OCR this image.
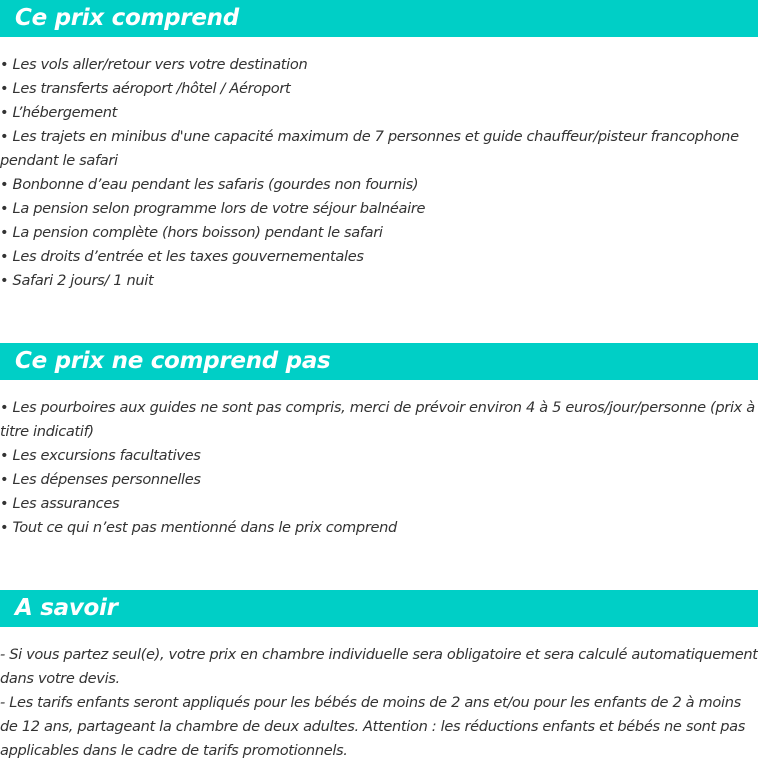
Ce prix comprend
• Les vols aller/retour vers votre destination
• Les transferts aéroport /hôtel / Aéroport
• L’hébergement
• Les trajets en minibus d'une capacité maximum de 7 personnes et guide chauffeur/pisteur francophone pendant le safari
• Bonbonne d’eau pendant les safaris (gourdes non fournis)
• La pension selon programme lors de votre séjour balnéaire
• La pension complète (hors boisson) pendant le safari
• Les droits d’entrée et les taxes gouvernementales
• Safari 2 jours/ 1 nuit
Ce prix ne comprend pas
• Les pourboires aux guides ne sont pas compris, merci de prévoir environ 4 à 5 euros/jour/personne (prix à titre indicatif)
• Les excursions facultatives
• Les dépenses personnelles
• Les assurances
• Tout ce qui n’est pas mentionné dans le prix comprend
A savoir
- Si vous partez seul(e), votre prix en chambre individuelle sera obligatoire et sera calculé automatiquement dans votre devis.
- Les tarifs enfants seront appliqués pour les bébés de moins de 2 ans et/ou pour les enfants de 2 à moins de 12 ans, partageant la chambre de deux adultes. Attention : les réductions enfants et bébés ne sont pas applicables dans le cadre de tarifs promotionnels.
